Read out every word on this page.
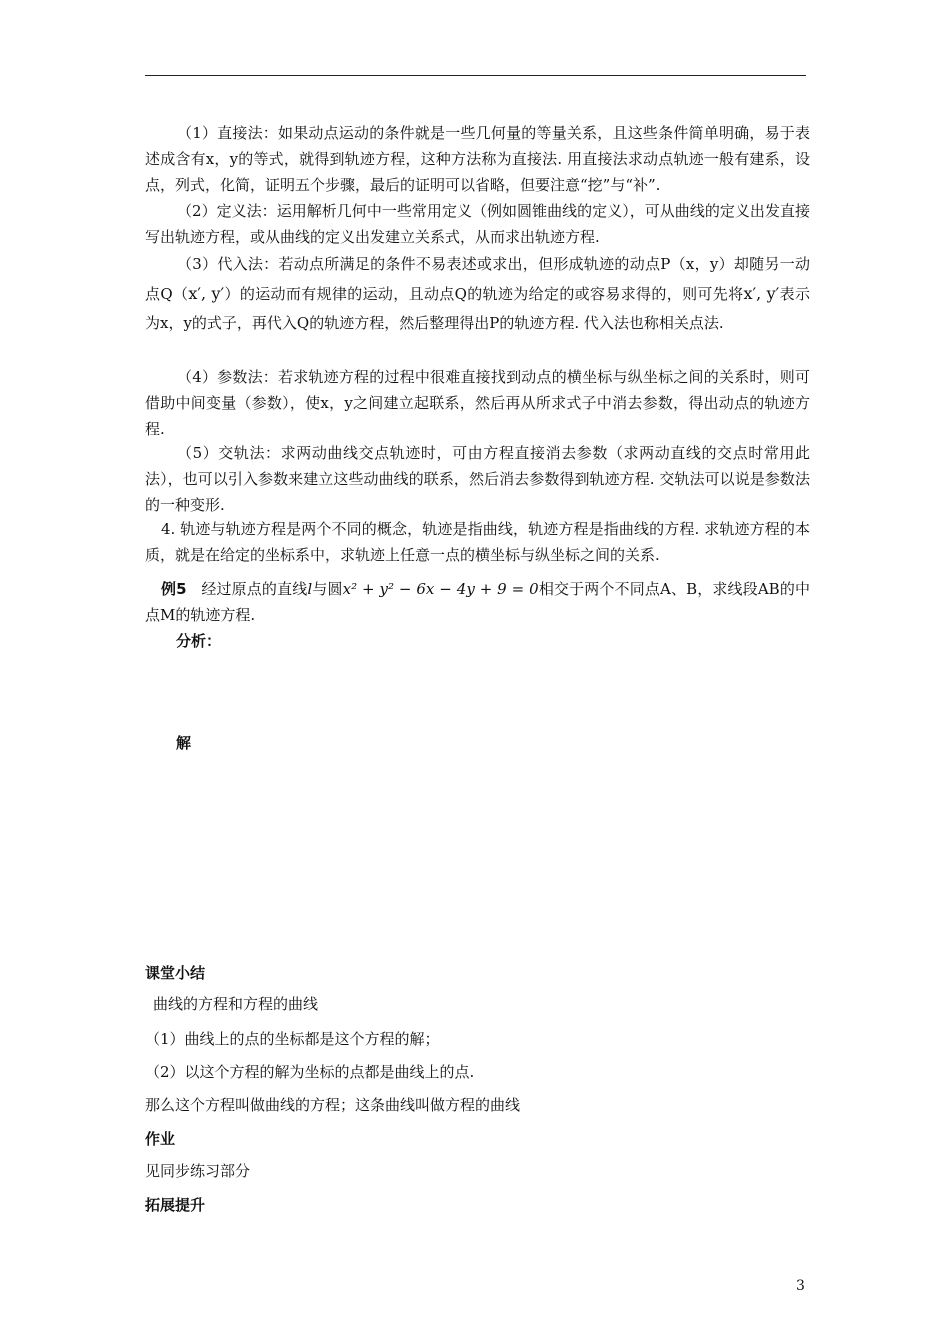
（1）直接法：如果动点运动的条件就是一些几何量的等量关系，且这些条件简单明确，易于表述成含有x，y的等式，就得到轨迹方程，这种方法称为直接法. 用直接法求动点轨迹一般有建系，设点，列式，化简，证明五个步骤，最后的证明可以省略，但要注意“挖”与“补”.

（2）定义法：运用解析几何中一些常用定义（例如圆锥曲线的定义），可从曲线的定义出发直接写出轨迹方程，或从曲线的定义出发建立关系式，从而求出轨迹方程.

（3）代入法：若动点所满足的条件不易表述或求出，但形成轨迹的动点P（x，y）却随另一动点Q（x′, y′）的运动而有规律的运动，且动点Q的轨迹为给定的或容易求得的，则可先将x′, y′表示为x，y的式子，再代入Q的轨迹方程，然后整理得出P的轨迹方程. 代入法也称相关点法.

（4）参数法：若求轨迹方程的过程中很难直接找到动点的横坐标与纵坐标之间的关系时，则可借助中间变量（参数），使x，y之间建立起联系，然后再从所求式子中消去参数，得出动点的轨迹方程.

（5）交轨法：求两动曲线交点轨迹时，可由方程直接消去参数（求两动直线的交点时常用此法），也可以引入参数来建立这些动曲线的联系，然后消去参数得到轨迹方程. 交轨法可以说是参数法的一种变形.

4. 轨迹与轨迹方程是两个不同的概念，轨迹是指曲线，轨迹方程是指曲线的方程. 求轨迹方程的本质，就是在给定的坐标系中，求轨迹上任意一点的横坐标与纵坐标之间的关系.

例5 经过原点的直线l与圆x² + y² − 6x − 4y + 9 = 0相交于两个不同点A、B，求线段AB的中点M的轨迹方程.

分析：

解

课堂小结

曲线的方程和方程的曲线

（1）曲线上的点的坐标都是这个方程的解；

（2）以这个方程的解为坐标的点都是曲线上的点.

那么这个方程叫做曲线的方程；这条曲线叫做方程的曲线

作业

见同步练习部分

拓展提升

3
